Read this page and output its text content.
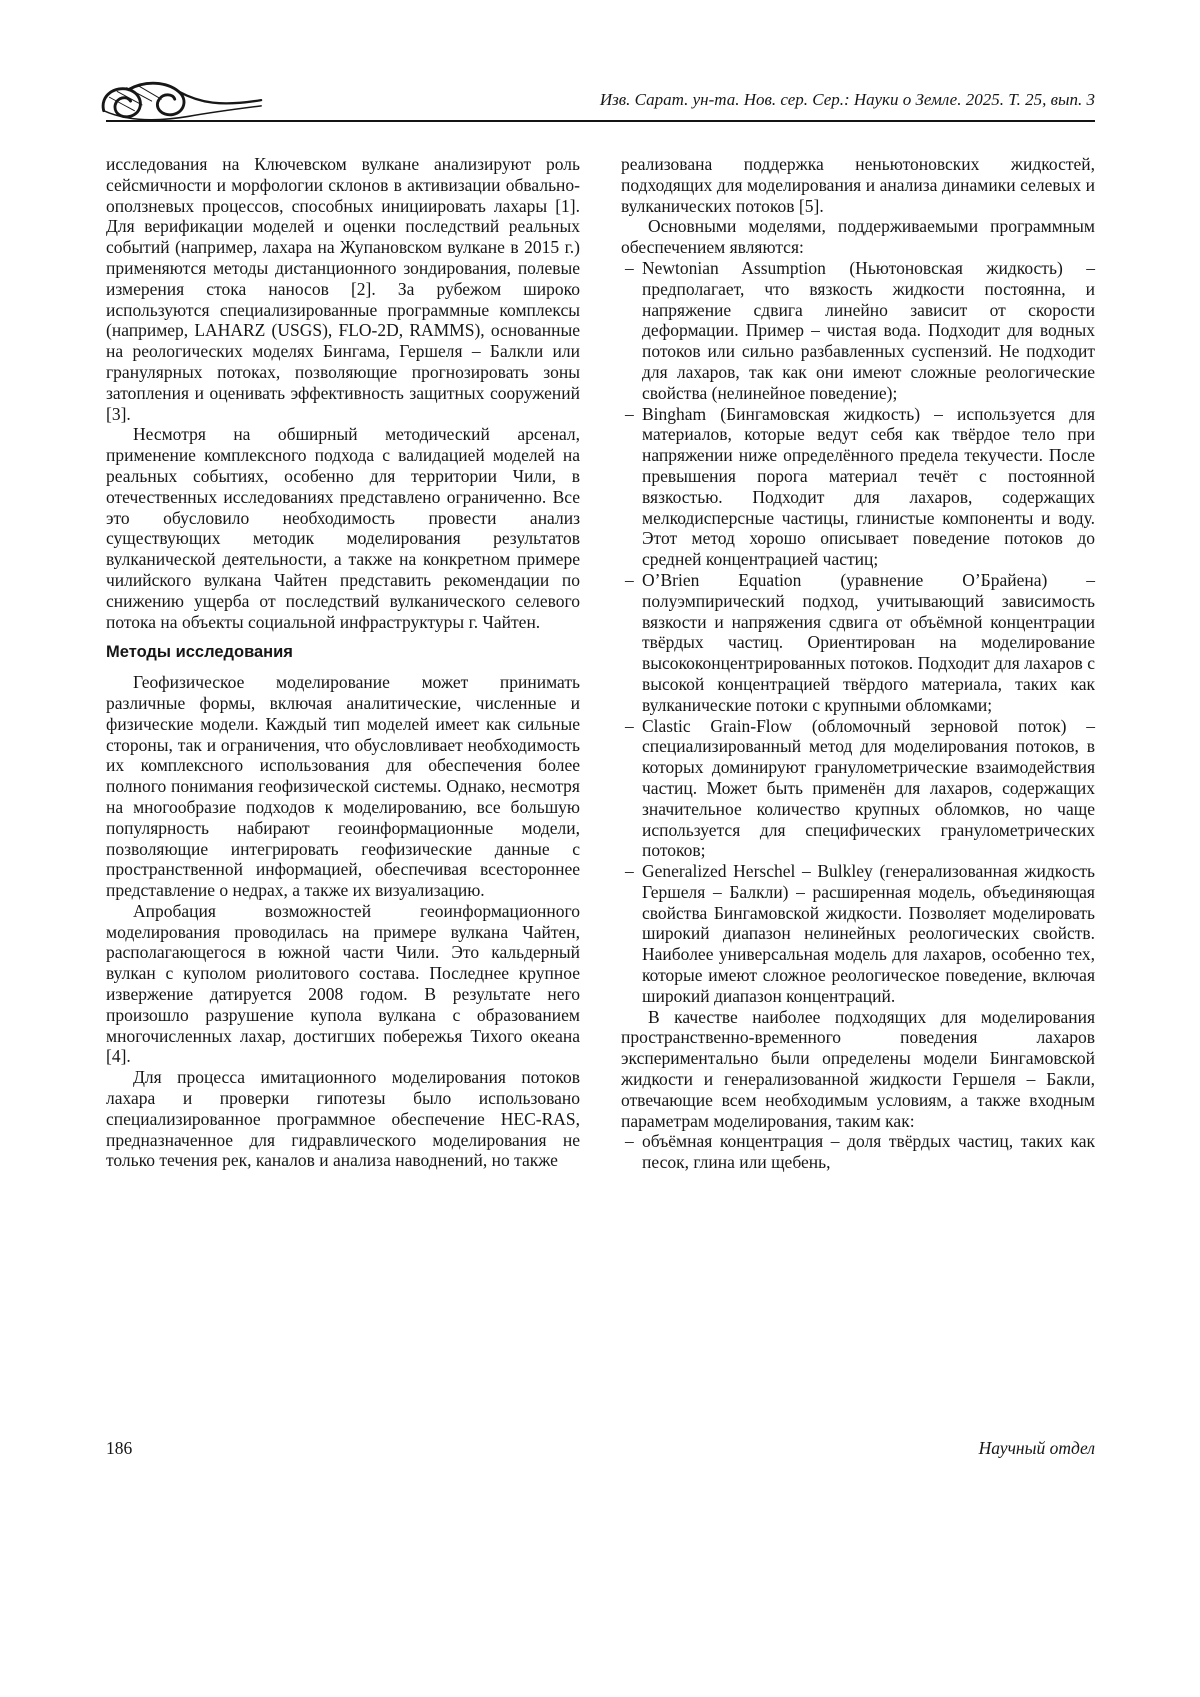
Изв. Сарат. ун-та. Нов. сер. Сер.: Науки о Земле. 2025. Т. 25, вып. 3

исследования на Ключевском вулкане анализируют роль сейсмичности и морфологии склонов в активизации обвально-оползневых процессов, способных инициировать лахары [1]. Для верификации моделей и оценки последствий реальных событий (например, лахара на Жупановском вулкане в 2015 г.) применяются методы дистанционного зондирования, полевые измерения стока наносов [2]. За рубежом широко используются специализированные программные комплексы (например, LAHARZ (USGS), FLO-2D, RAMMS), основанные на реологических моделях Бингама, Гершеля – Балкли или гранулярных потоках, позволяющие прогнозировать зоны затопления и оценивать эффективность защитных сооружений [3].

Несмотря на обширный методический арсенал, применение комплексного подхода с валидацией моделей на реальных событиях, особенно для территории Чили, в отечественных исследованиях представлено ограниченно. Все это обусловило необходимость провести анализ существующих методик моделирования результатов вулканической деятельности, а также на конкретном примере чилийского вулкана Чайтен представить рекомендации по снижению ущерба от последствий вулканического селевого потока на объекты социальной инфраструктуры г. Чайтен.

Методы исследования

Геофизическое моделирование может принимать различные формы, включая аналитические, численные и физические модели. Каждый тип моделей имеет как сильные стороны, так и ограничения, что обусловливает необходимость их комплексного использования для обеспечения более полного понимания геофизической системы. Однако, несмотря на многообразие подходов к моделированию, все большую популярность набирают геоинформационные модели, позволяющие интегрировать геофизические данные с пространственной информацией, обеспечивая всестороннее представление о недрах, а также их визуализацию.

Апробация возможностей геоинформационного моделирования проводилась на примере вулкана Чайтен, располагающегося в южной части Чили. Это кальдерный вулкан с куполом риолитового состава. Последнее крупное извержение датируется 2008 годом. В результате него произошло разрушение купола вулкана с образованием многочисленных лахар, достигших побережья Тихого океана [4].

Для процесса имитационного моделирования потоков лахара и проверки гипотезы было использовано специализированное программное обеспечение HEC-RAS, предназначенное для гидравлического моделирования не только течения рек, каналов и анализа наводнений, но также

реализована поддержка неньютоновских жидкостей, подходящих для моделирования и анализа динамики селевых и вулканических потоков [5].

Основными моделями, поддерживаемыми программным обеспечением являются:

– Newtonian Assumption (Ньютоновская жидкость) – предполагает, что вязкость жидкости постоянна, и напряжение сдвига линейно зависит от скорости деформации. Пример – чистая вода. Подходит для водных потоков или сильно разбавленных суспензий. Не подходит для лахаров, так как они имеют сложные реологические свойства (нелинейное поведение);
– Bingham (Бингамовская жидкость) – используется для материалов, которые ведут себя как твёрдое тело при напряжении ниже определённого предела текучести. После превышения порога материал течёт с постоянной вязкостью. Подходит для лахаров, содержащих мелкодисперсные частицы, глинистые компоненты и воду. Этот метод хорошо описывает поведение потоков до средней концентрацией частиц;
– O’Brien Equation (уравнение О’Брайена) – полуэмпирический подход, учитывающий зависимость вязкости и напряжения сдвига от объёмной концентрации твёрдых частиц. Ориентирован на моделирование высококонцентрированных потоков. Подходит для лахаров с высокой концентрацией твёрдого материала, таких как вулканические потоки с крупными обломками;
– Clastic Grain-Flow (обломочный зерновой поток) – специализированный метод для моделирования потоков, в которых доминируют гранулометрические взаимодействия частиц. Может быть применён для лахаров, содержащих значительное количество крупных обломков, но чаще используется для специфических гранулометрических потоков;
– Generalized Herschel – Bulkley (генерализованная жидкость Гершеля – Балкли) – расширенная модель, объединяющая свойства Бингамовской жидкости. Позволяет моделировать широкий диапазон нелинейных реологических свойств. Наиболее универсальная модель для лахаров, особенно тех, которые имеют сложное реологическое поведение, включая широкий диапазон концентраций.

В качестве наиболее подходящих для моделирования пространственно-временного поведения лахаров экспериментально были определены модели Бингамовской жидкости и генерализованной жидкости Гершеля – Бакли, отвечающие всем необходимым условиям, а также входным параметрам моделирования, таким как:

– объёмная концентрация – доля твёрдых частиц, таких как песок, глина или щебень,
186	Научный отдел
